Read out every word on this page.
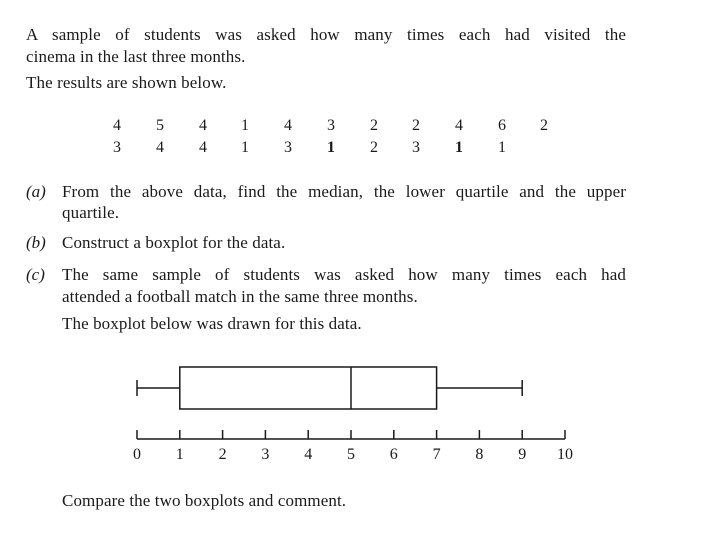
A sample of students was asked how many times each had visited the
cinema in the last three months.
The results are shown below.
4	5	4	1	4	3	2	2	4	6	2
3	4	4	1	3	1	2	3	1	1
(a) From the above data, find the median, the lower quartile and the upper
quartile.
(b) Construct a boxplot for the data.
(c) The same sample of students was asked how many times each had
attended a football match in the same three months.
The boxplot below was drawn for this data.
0	1	2	3	4	5	6	7	8	9	10
Compare the two boxplots and comment.
